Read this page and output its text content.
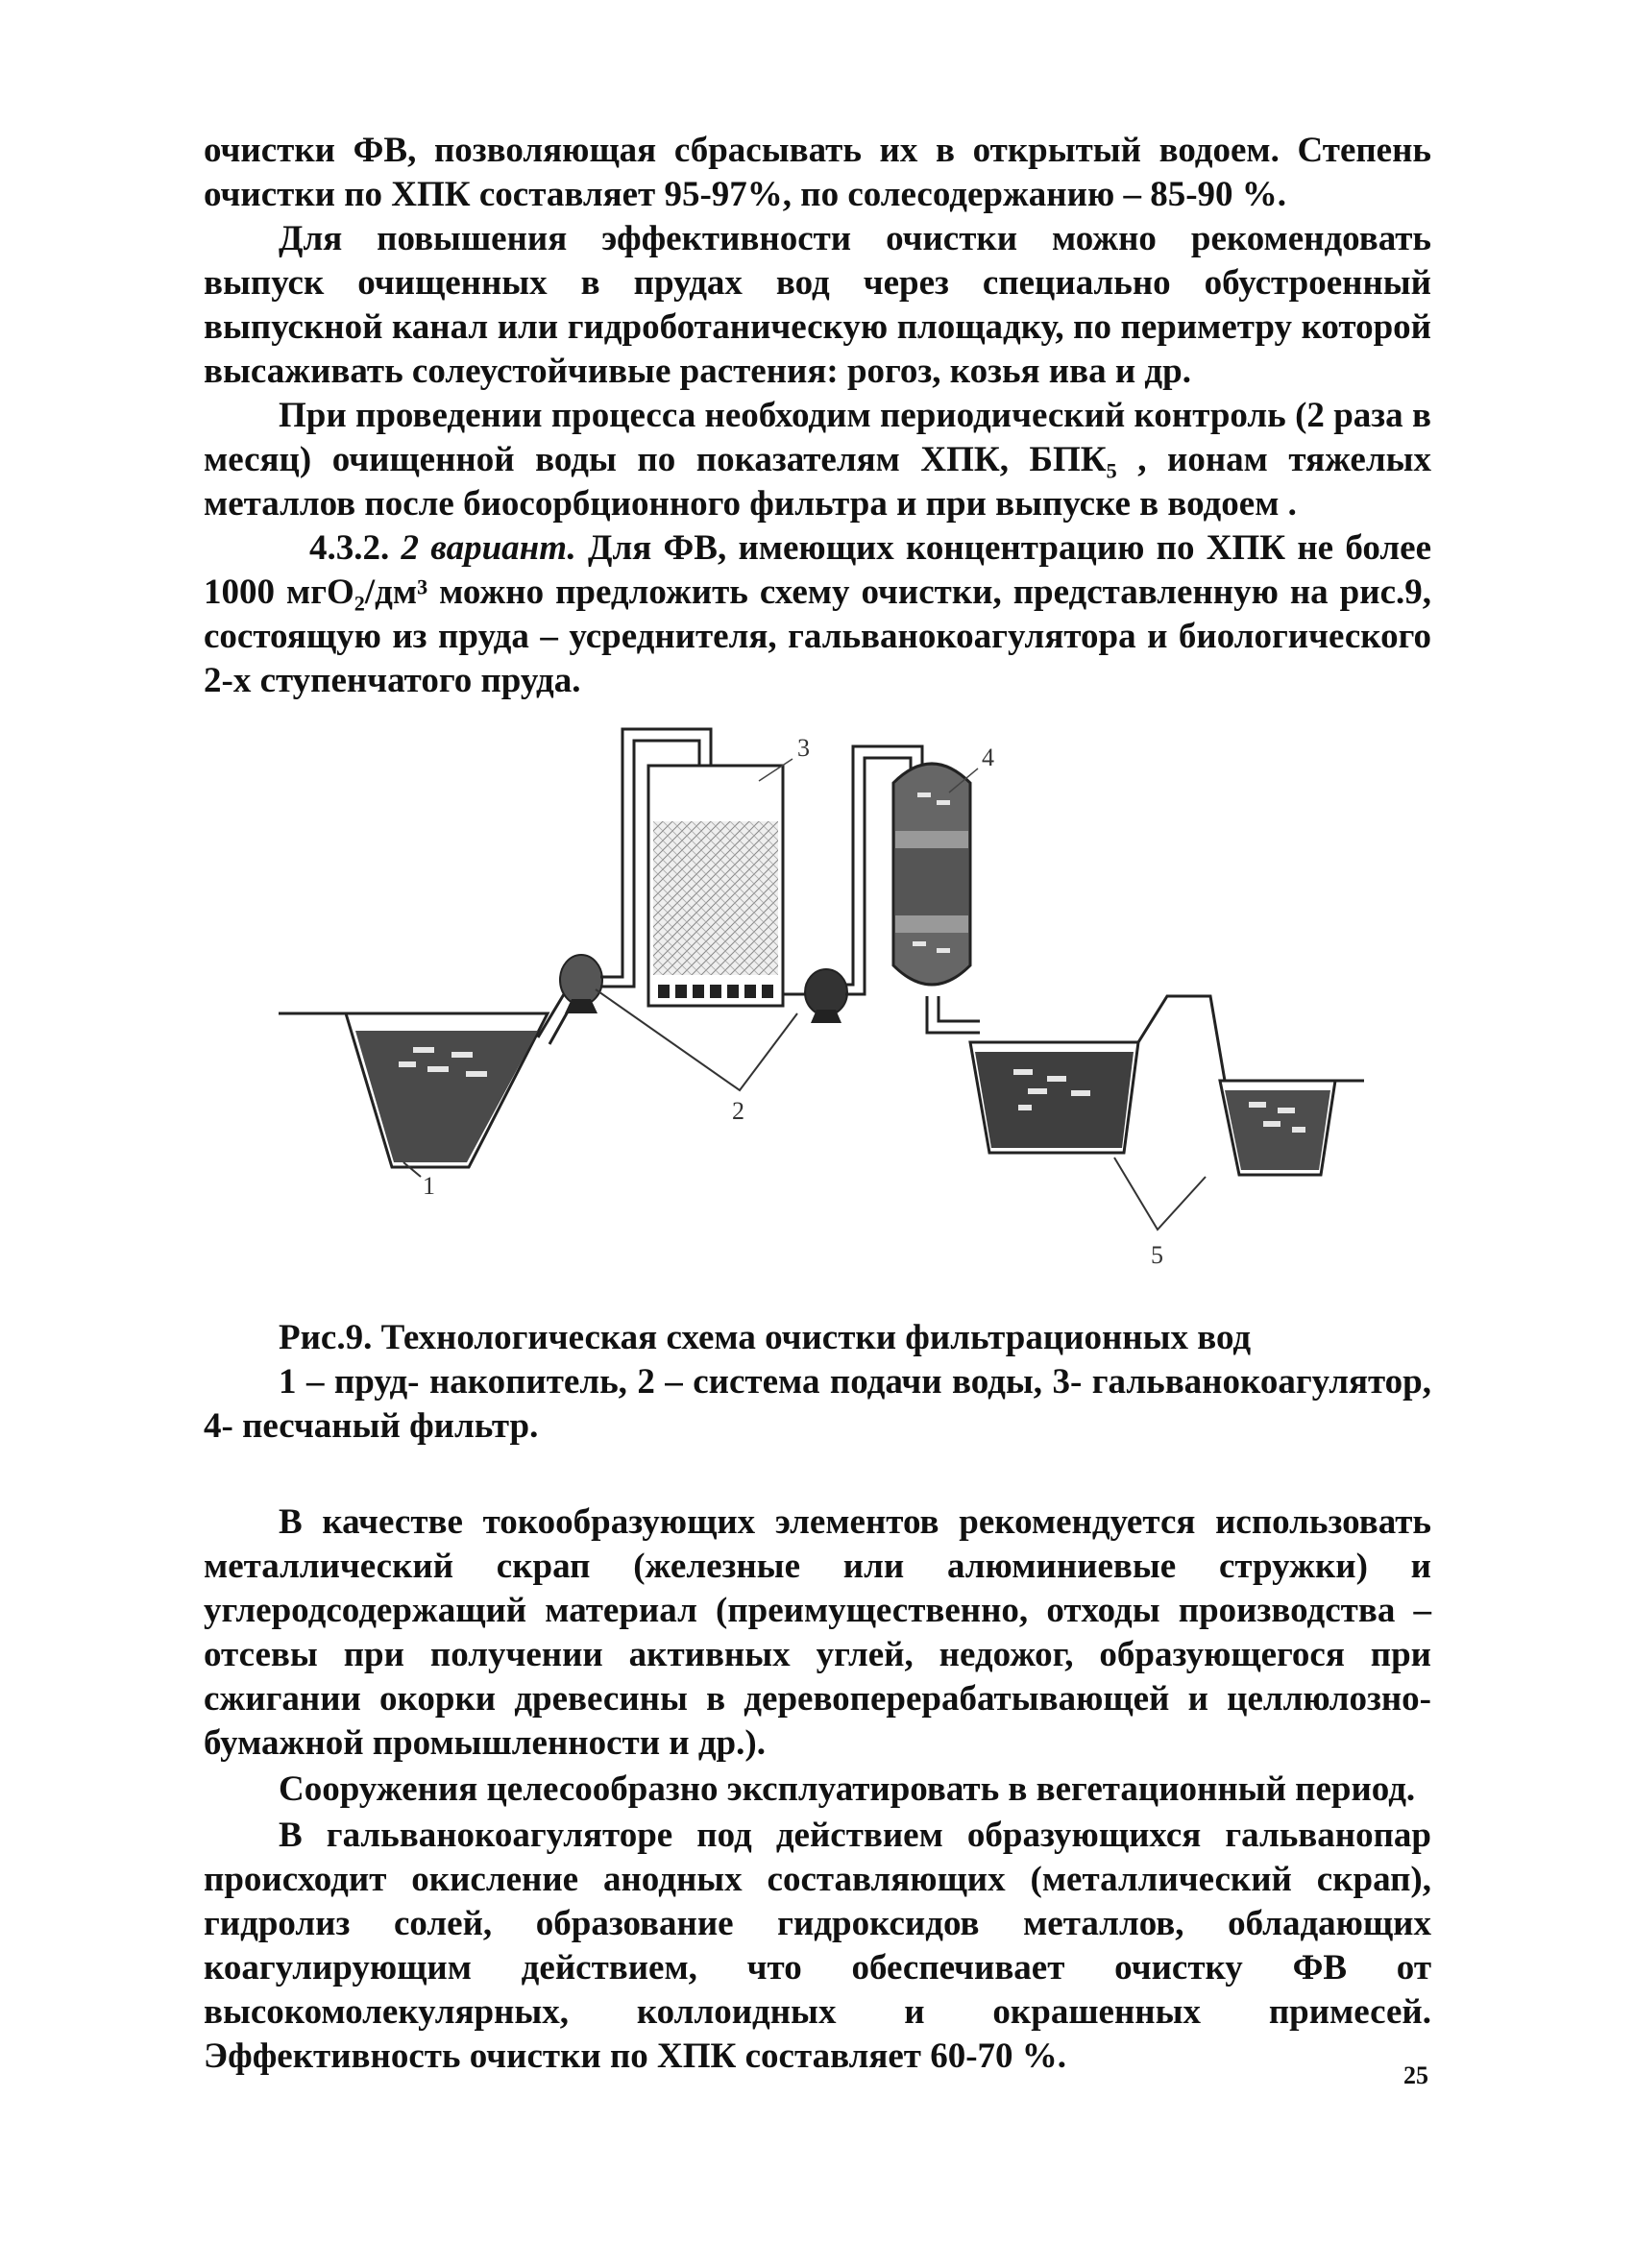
очистки ФВ, позволяющая сбрасывать их в открытый водоем. Степень очистки по ХПК составляет 95-97%, по солесодержанию – 85-90 %.

Для повышения эффективности очистки можно рекомендовать выпуск очищенных в прудах вод через специально обустроенный выпускной канал или гидроботаническую площадку, по периметру которой высаживать солеустойчивые растения: рогоз, козья ива и др.

При проведении процесса необходим периодический контроль (2 раза в месяц) очищенной воды по показателям ХПК, БПК₅ , ионам тяжелых металлов после биосорбционного фильтра и при выпуске в водоем .

4.3.2. 2 вариант. Для ФВ, имеющих концентрацию по ХПК не более 1000 мгО₂/дм³ можно предложить схему очистки, представленную на рис.9, состоящую из пруда – усреднителя, гальванокоагулятора и биологического 2-х ступенчатого пруда.

3	4
2
1
5
Рис.9. Технологическая схема очистки фильтрационных вод
1 – пруд- накопитель, 2 – система подачи воды, 3- гальванокоагулятор, 4- песчаный фильтр.

В качестве токообразующих элементов рекомендуется использовать металлический скрап (железные или алюминиевые стружки) и углеродсодержащий материал (преимущественно, отходы производства – отсевы при получении активных углей, недожог, образующегося при сжигании окорки древесины в деревоперерабатывающей и целлюлозно-бумажной промышленности и др.).

Сооружения целесообразно эксплуатировать в вегетационный период.

В гальванокоагуляторе под действием образующихся гальванопар происходит окисление анодных составляющих (металлический скрап), гидролиз солей, образование гидроксидов металлов, обладающих коагулирующим действием, что обеспечивает очистку ФВ от высокомолекулярных, коллоидных и окрашенных примесей. Эффективность очистки по ХПК составляет 60-70 %.	25
